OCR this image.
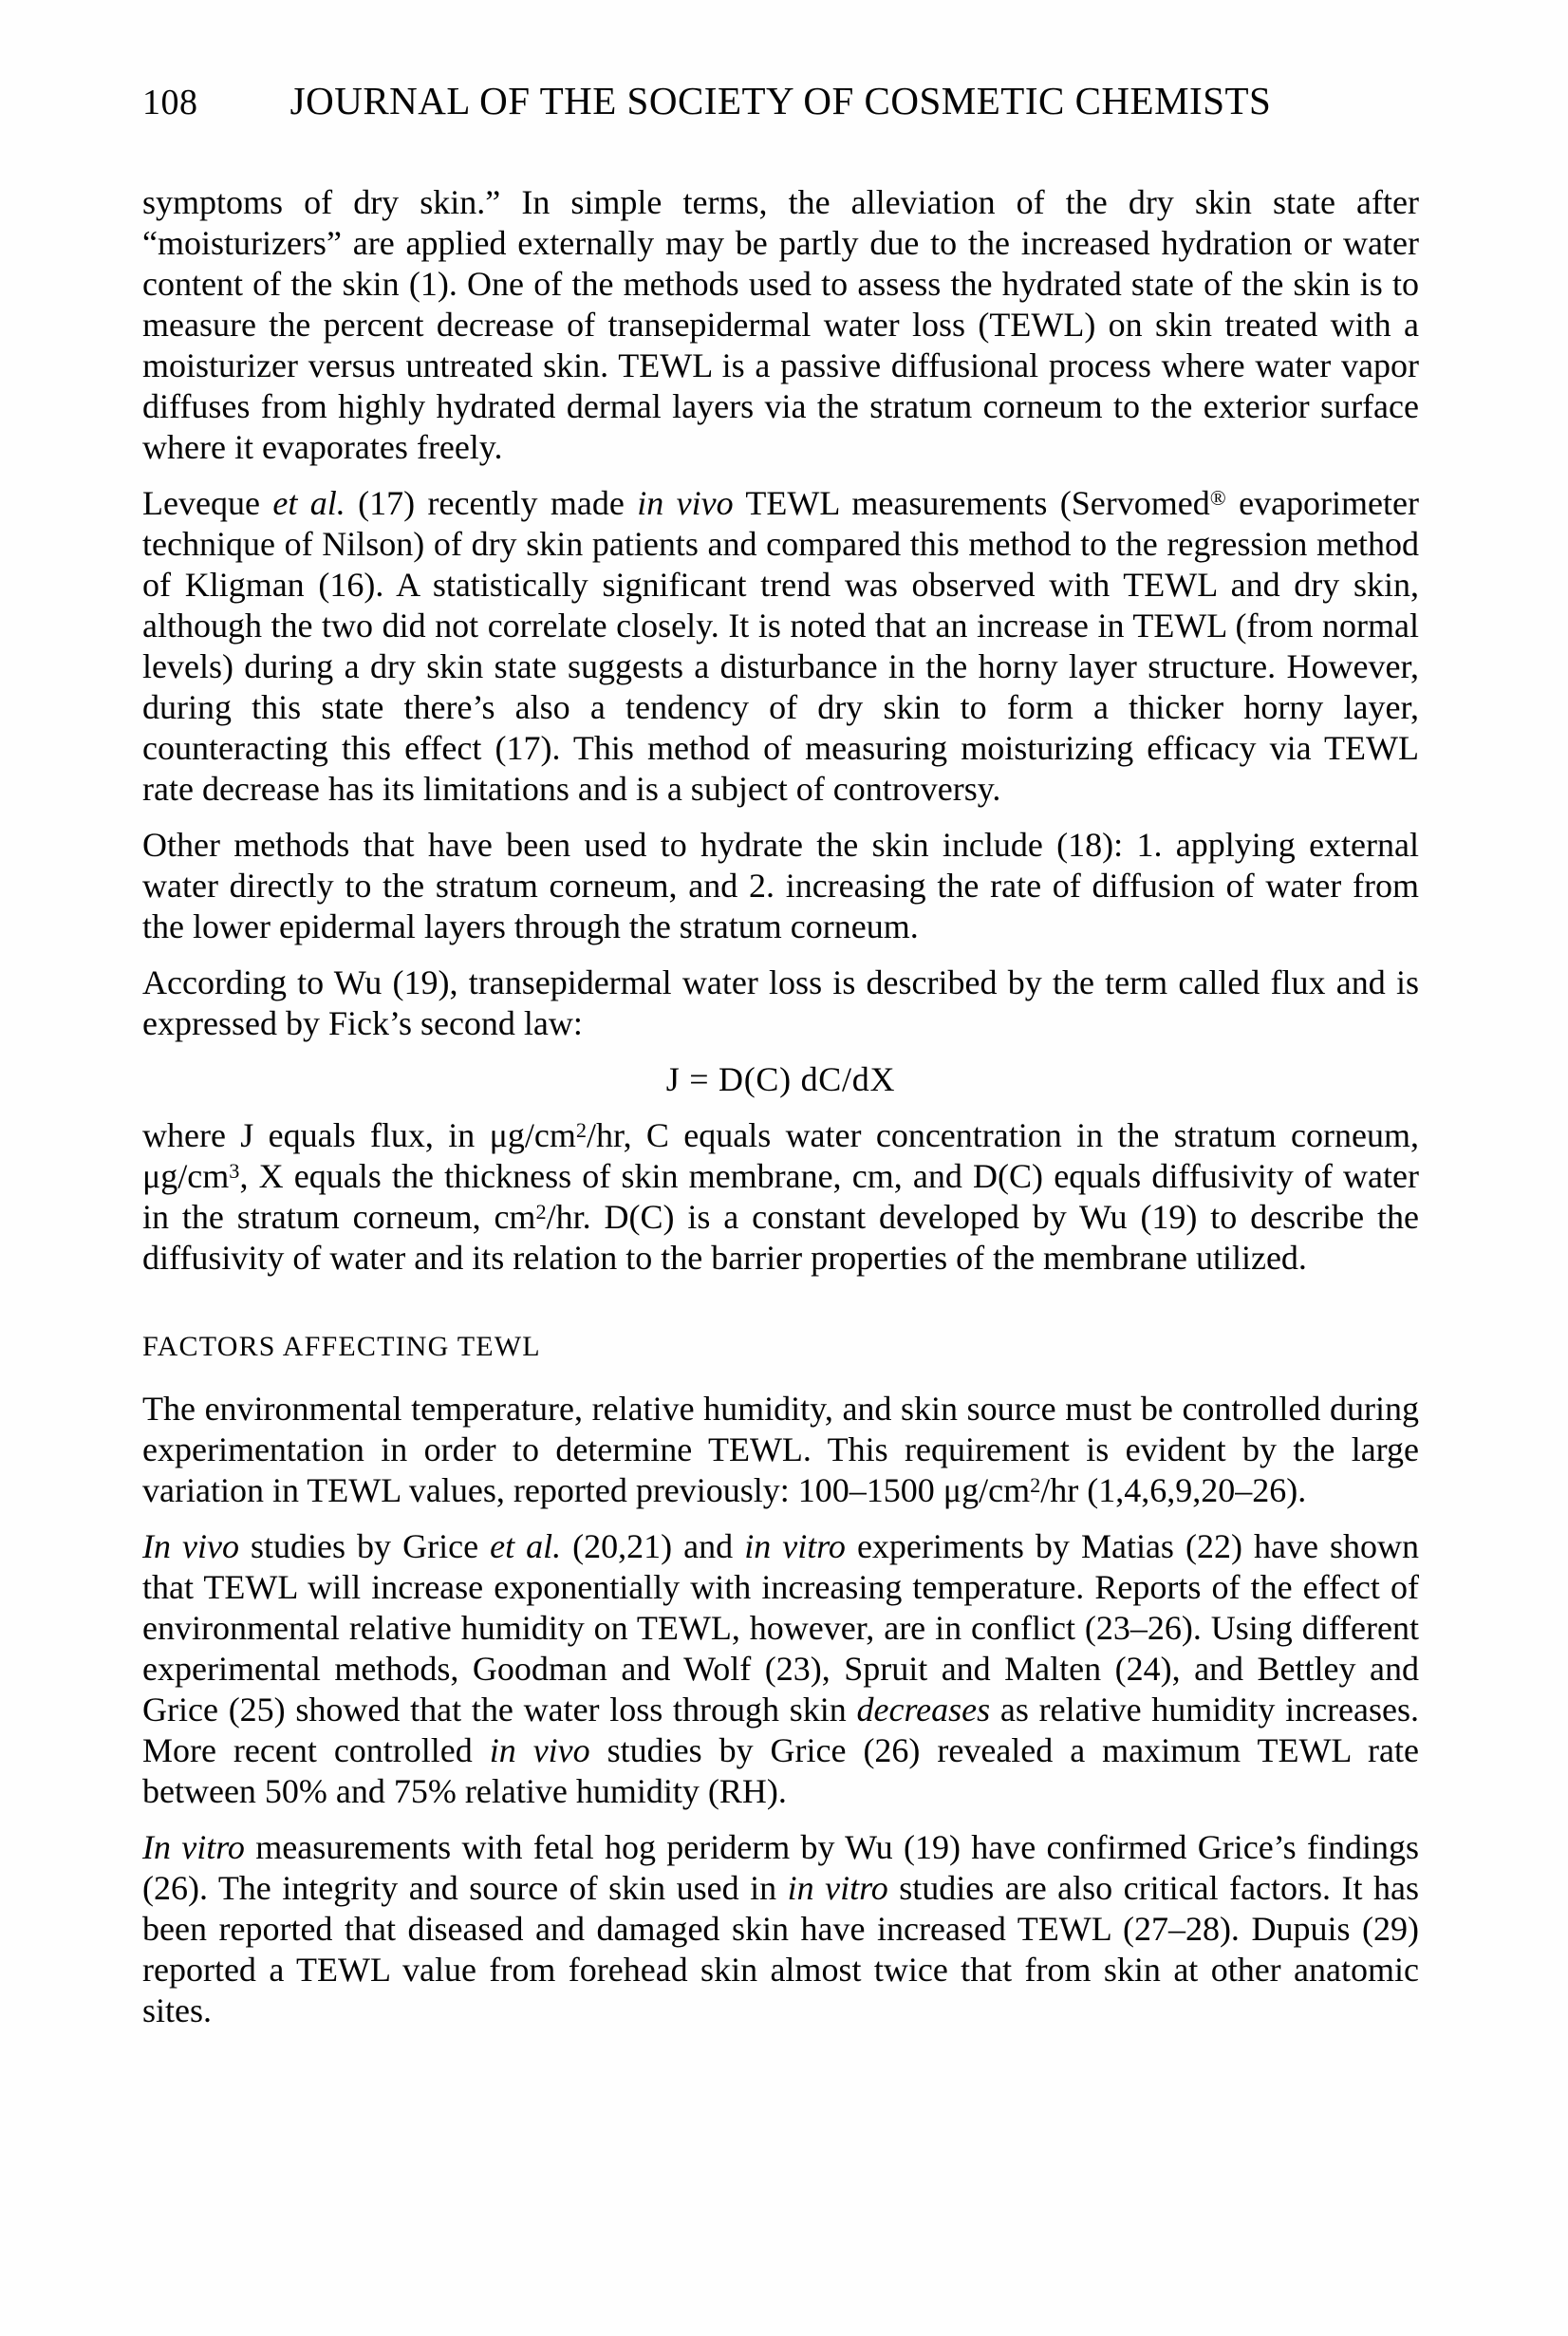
108	JOURNAL OF THE SOCIETY OF COSMETIC CHEMISTS

symptoms of dry skin.” In simple terms, the alleviation of the dry skin state after “moisturizers” are applied externally may be partly due to the increased hydration or water content of the skin (1). One of the methods used to assess the hydrated state of the skin is to measure the percent decrease of transepidermal water loss (TEWL) on skin treated with a moisturizer versus untreated skin. TEWL is a passive diffusional process where water vapor diffuses from highly hydrated dermal layers via the stratum corneum to the exterior surface where it evaporates freely.

Leveque et al. (17) recently made in vivo TEWL measurements (Servomed® evaporimeter technique of Nilson) of dry skin patients and compared this method to the regression method of Kligman (16). A statistically significant trend was observed with TEWL and dry skin, although the two did not correlate closely. It is noted that an increase in TEWL (from normal levels) during a dry skin state suggests a disturbance in the horny layer structure. However, during this state there’s also a tendency of dry skin to form a thicker horny layer, counteracting this effect (17). This method of measuring moisturizing efficacy via TEWL rate decrease has its limitations and is a subject of controversy.

Other methods that have been used to hydrate the skin include (18): 1. applying external water directly to the stratum corneum, and 2. increasing the rate of diffusion of water from the lower epidermal layers through the stratum corneum.

According to Wu (19), transepidermal water loss is described by the term called flux and is expressed by Fick’s second law:

J = D(C) dC/dX

where J equals flux, in $\mu g/cm^2/hr$, C equals water concentration in the stratum corneum, $\mu g/cm^3$, X equals the thickness of skin membrane, cm, and D(C) equals diffusivity of water in the stratum corneum, $cm^2/hr$. D(C) is a constant developed by Wu (19) to describe the diffusivity of water and its relation to the barrier properties of the membrane utilized.

FACTORS AFFECTING TEWL

The environmental temperature, relative humidity, and skin source must be controlled during experimentation in order to determine TEWL. This requirement is evident by the large variation in TEWL values, reported previously: 100–1500 $\mu g/cm^2/hr$ (1,4,6,9,20–26).

In vivo studies by Grice et al. (20,21) and in vitro experiments by Matias (22) have shown that TEWL will increase exponentially with increasing temperature. Reports of the effect of environmental relative humidity on TEWL, however, are in conflict (23–26). Using different experimental methods, Goodman and Wolf (23), Spruit and Malten (24), and Bettley and Grice (25) showed that the water loss through skin decreases as relative humidity increases. More recent controlled in vivo studies by Grice (26) revealed a maximum TEWL rate between 50% and 75% relative humidity (RH).

In vitro measurements with fetal hog periderm by Wu (19) have confirmed Grice’s findings (26). The integrity and source of skin used in in vitro studies are also critical factors. It has been reported that diseased and damaged skin have increased TEWL (27–28). Dupuis (29) reported a TEWL value from forehead skin almost twice that from skin at other anatomic sites.
